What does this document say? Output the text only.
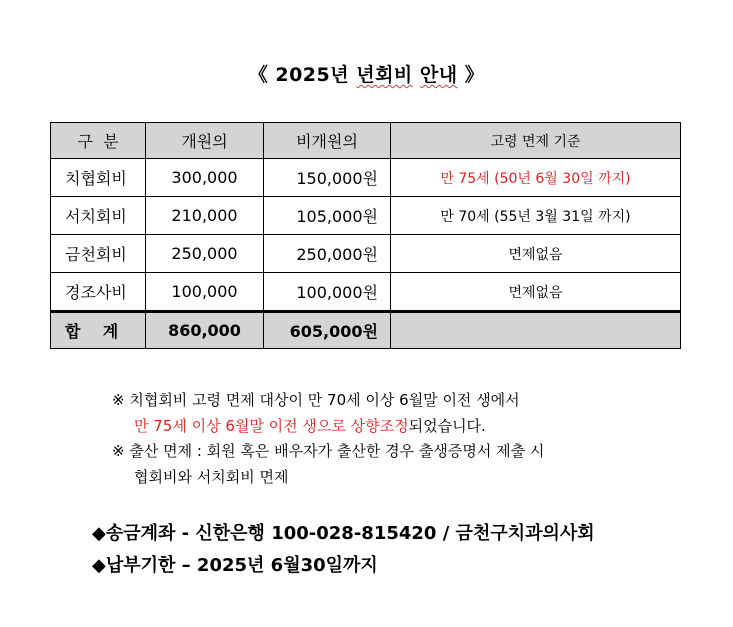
《 2025년 년회비 안내 》
구  분	개원의	비개원의	고령 면제 기준
치협회비	300,000	150,000원	만 75세 (50년 6월 30일 까지)
서치회비	210,000	105,000원	만 70세 (55년 3월 31일 까지)
금천회비	250,000	250,000원	면제없음
경조사비	100,000	100,000원	면제없음
합    계	860,000	605,000원	
※ 치협회비 고령 면제 대상이 만 70세 이상 6월말 이전 생에서
만 75세 이상 6월말 이전 생으로 상향조정되었습니다.
※ 출산 면제 : 회원 혹은 배우자가 출산한 경우 출생증명서 제출 시
협회비와 서치회비 면제
◆송금계좌 - 신한은행 100-028-815420 / 금천구치과의사회
◆납부기한 – 2025년 6월30일까지
